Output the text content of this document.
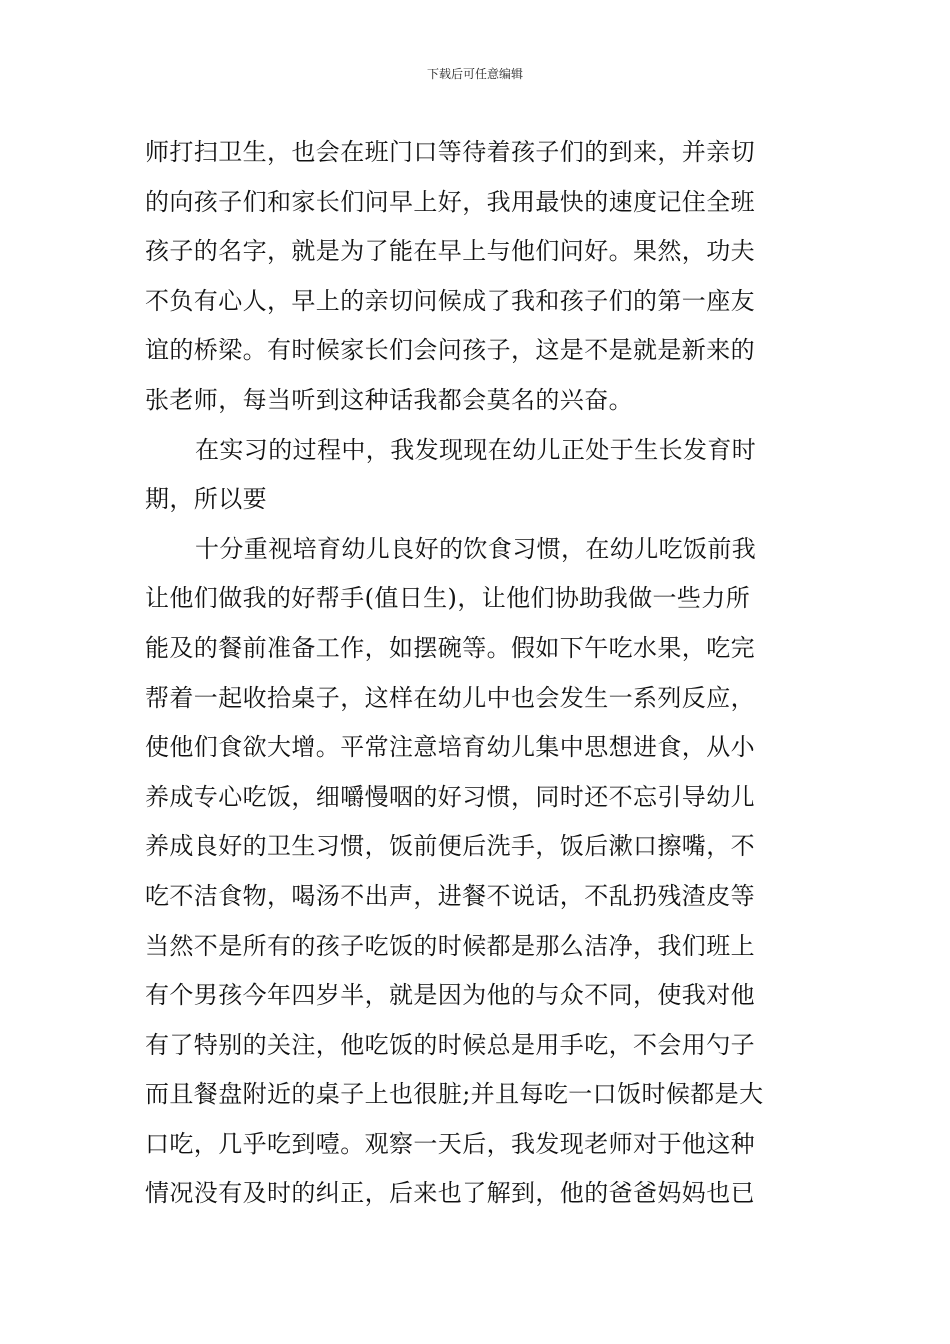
下载后可任意编辑
师打扫卫生，也会在班门口等待着孩子们的到来，并亲切
的向孩子们和家长们问早上好，我用最快的速度记住全班
孩子的名字，就是为了能在早上与他们问好。果然，功夫
不负有心人，早上的亲切问候成了我和孩子们的第一座友
谊的桥梁。有时候家长们会问孩子，这是不是就是新来的
张老师，每当听到这种话我都会莫名的兴奋。
在实习的过程中，我发现现在幼儿正处于生长发育时
期，所以要
十分重视培育幼儿良好的饮食习惯，在幼儿吃饭前我
让他们做我的好帮手(值日生)，让他们协助我做一些力所
能及的餐前准备工作，如摆碗等。假如下午吃水果，吃完
帮着一起收拾桌子，这样在幼儿中也会发生一系列反应，
使他们食欲大增。平常注意培育幼儿集中思想进食，从小
养成专心吃饭，细嚼慢咽的好习惯，同时还不忘引导幼儿
养成良好的卫生习惯，饭前便后洗手，饭后漱口擦嘴，不
吃不洁食物，喝汤不出声，进餐不说话，不乱扔残渣皮等
当然不是所有的孩子吃饭的时候都是那么洁净，我们班上
有个男孩今年四岁半，就是因为他的与众不同，使我对他
有了特别的关注，他吃饭的时候总是用手吃，不会用勺子
而且餐盘附近的桌子上也很脏;并且每吃一口饭时候都是大
口吃，几乎吃到噎。观察一天后，我发现老师对于他这种
情况没有及时的纠正，后来也了解到，他的爸爸妈妈也已
